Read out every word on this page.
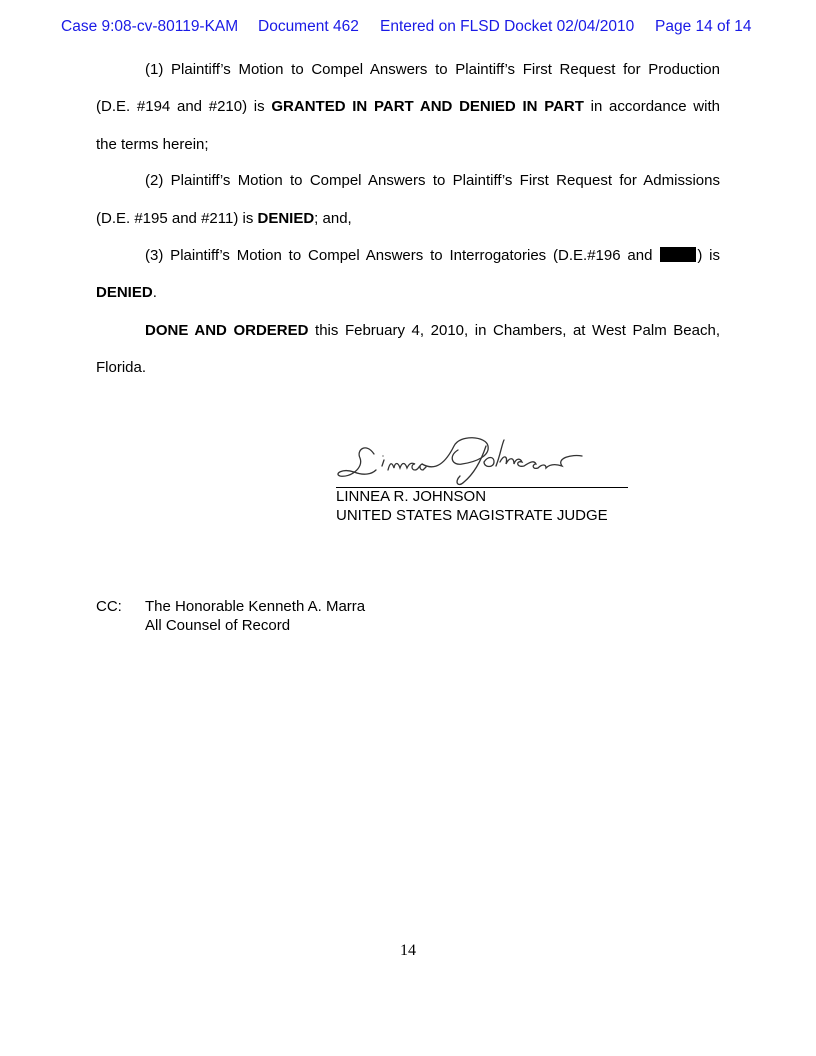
Case 9:08-cv-80119-KAM Document 462 Entered on FLSD Docket 02/04/2010 Page 14 of 14
(1) Plaintiff’s Motion to Compel Answers to Plaintiff’s First Request for Production
(D.E. #194 and #210) is GRANTED IN PART AND DENIED IN PART in accordance with
the terms herein;
(2) Plaintiff’s Motion to Compel Answers to Plaintiff’s First Request for Admissions
(D.E. #195 and #211) is DENIED; and,
(3) Plaintiff’s Motion to Compel Answers to Interrogatories (D.E.#196 and	) is
DENIED.
DONE AND ORDERED this February 4, 2010, in Chambers, at West Palm Beach,
Florida.
LINNEA R. JOHNSON
UNITED STATES MAGISTRATE JUDGE
CC: The Honorable Kenneth A. Marra
All Counsel of Record
14
